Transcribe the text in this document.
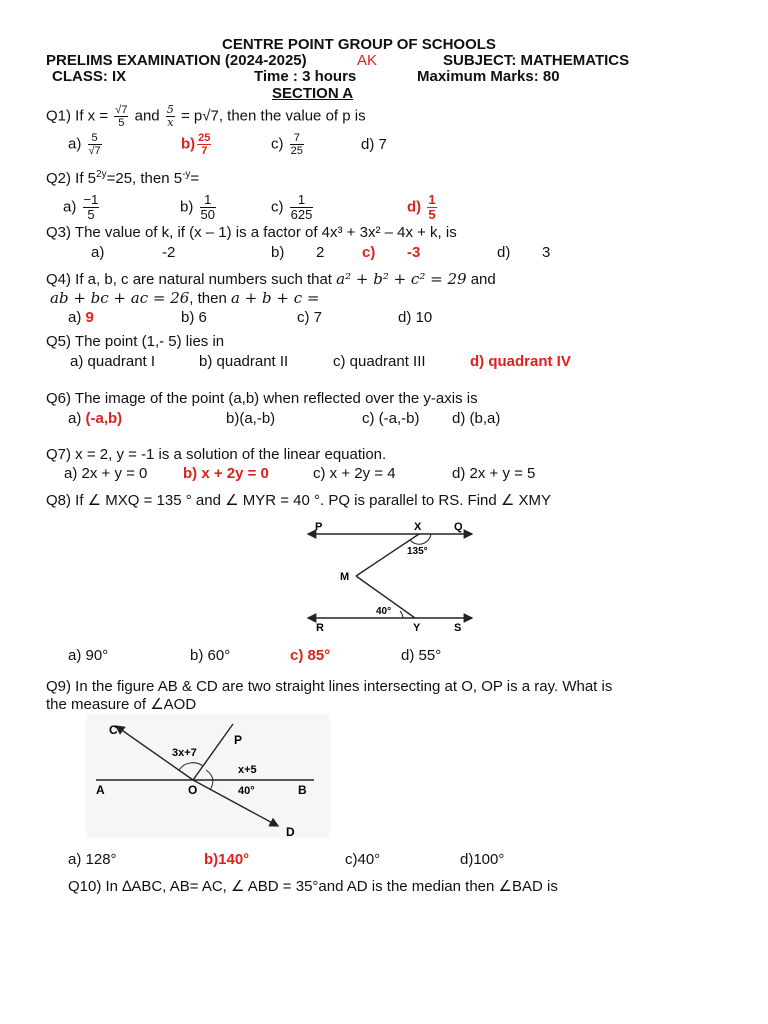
CENTRE POINT GROUP OF SCHOOLS
PRELIMS EXAMINATION (2024-2025)	AK	SUBJECT: MATHEMATICS
CLASS: IX	Time : 3 hours	Maximum Marks: 80
SECTION A
Q1) If $x = \frac{√7}{5}$ and $\frac{5}{x} = p√7$, then the value of p is
$a) \frac{5}{√7}$	$b) \frac{25}{7}$	$c) \frac{7}{25}$	d) 7
Q2) If $5^{2y}=25$, then $5^{-y}=$
$a) \frac{-1}{5}$	$b) \frac{1}{50}$	$c) \frac{1}{625}$	$d) \frac{1}{5}$
Q3) The value of k, if (x – 1) is a factor of 4x³ + 3x² – 4x + k, is
a)	-2	b) 2	c) -3	d) 3
Q4) If a, b, c are natural numbers such that a² + b² + c² = 29 and
ab + bc + ac = 26, then a + b + c =
a) 9	b) 6	c) 7	d) 10
Q5) The point (1,- 5) lies in
a) quadrant I	b) quadrant II	c) quadrant III	d) quadrant IV
Q6) The image of the point (a,b) when reflected over the y-axis is
a) (-a,b)	b)(a,-b)	c) (-a,-b) d) (b,a)
Q7) x = 2, y = -1 is a solution of the linear equation.
a) 2x + y = 0 b) x + 2y = 0	c) x + 2y = 4	d) 2x + y = 5
Q8) If ∠ MXQ = 135 ° and ∠ MYR = 40 °. PQ is parallel to RS. Find ∠ XMY
P	X	Q
M
R	Y	S
135°
40°
a) 90°	b) 60°	c) 85°	d) 55°
Q9) In the figure AB & CD are two straight lines intersecting at O, OP is a ray. What is
the measure of ∠AOD
C
P
A	O	B
D
3x+7
x+5
40°
a) 128°	b)140°	c)40°	d)100°
Q10) In ∆ABC, AB= AC, ∠ ABD = 35°and AD is the median then ∠BAD is
